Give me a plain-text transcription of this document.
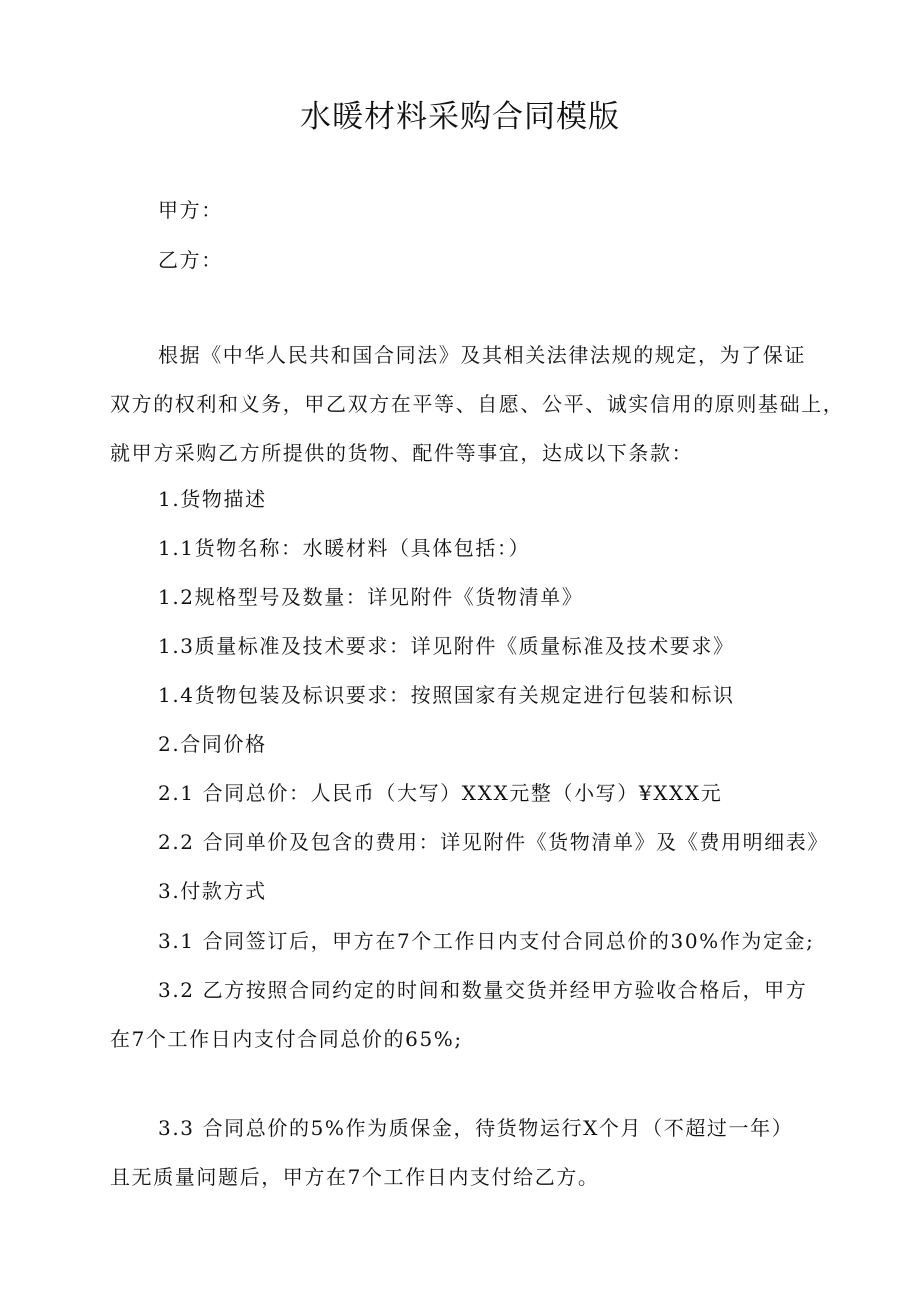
水暖材料采购合同模版

甲方：

乙方：

根据《中华人民共和国合同法》及其相关法律法规的规定，为了保证

双方的权利和义务，甲乙双方在平等、自愿、公平、诚实信用的原则基础上，

就甲方采购乙方所提供的货物、配件等事宜，达成以下条款：

1.货物描述

1.1货物名称：水暖材料（具体包括：）

1.2规格型号及数量：详见附件《货物清单》

1.3质量标准及技术要求：详见附件《质量标准及技术要求》

1.4货物包装及标识要求：按照国家有关规定进行包装和标识

2.合同价格

2.1 合同总价：人民币（大写）XXX元整（小写）¥XXX元

2.2 合同单价及包含的费用：详见附件《货物清单》及《费用明细表》

3.付款方式

3.1 合同签订后，甲方在7个工作日内支付合同总价的30%作为定金;

3.2 乙方按照合同约定的时间和数量交货并经甲方验收合格后，甲方

在7个工作日内支付合同总价的65%;

3.3 合同总价的5%作为质保金，待货物运行X个月（不超过一年）

且无质量问题后，甲方在7个工作日内支付给乙方。
